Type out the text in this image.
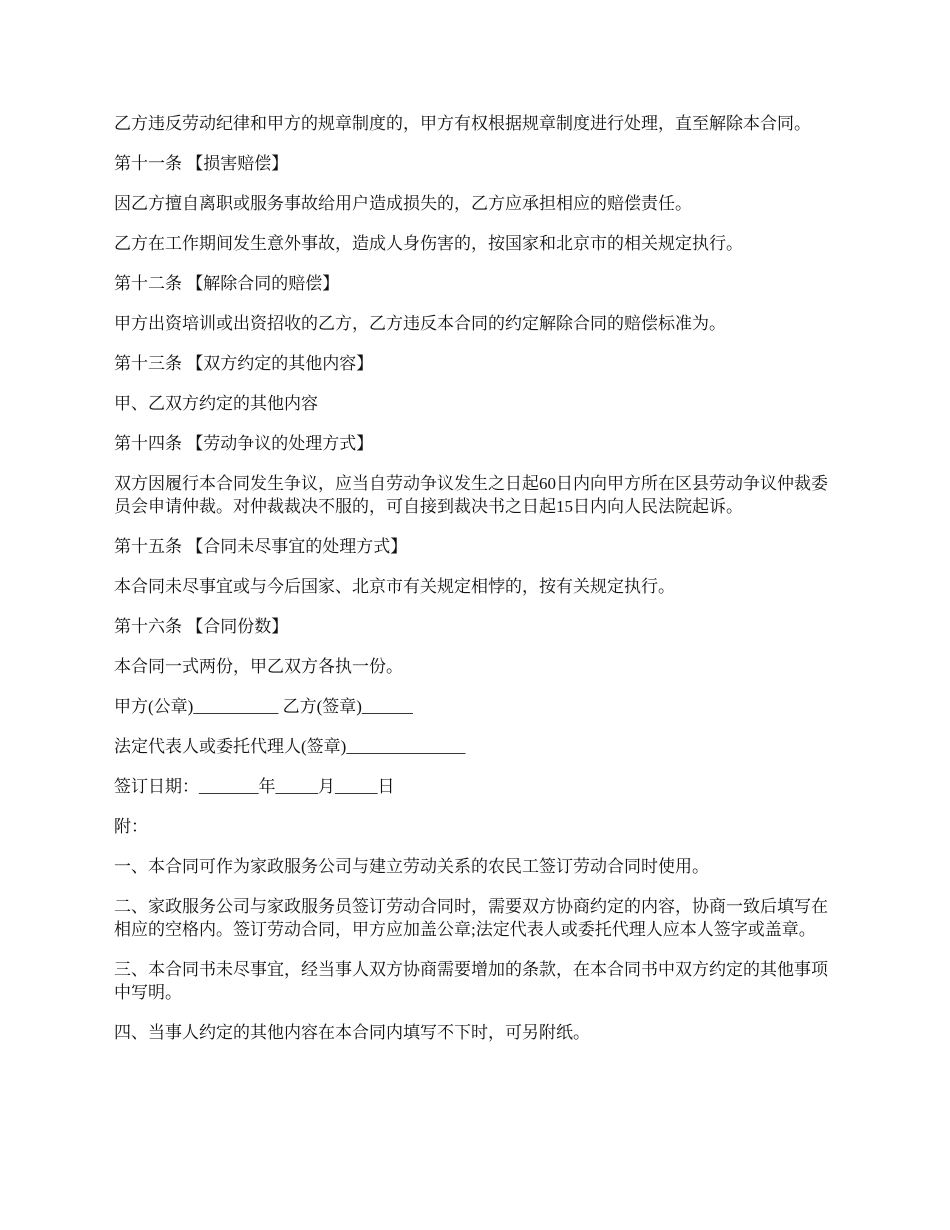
乙方违反劳动纪律和甲方的规章制度的，甲方有权根据规章制度进行处理，直至解除本合同。

第十一条 【损害赔偿】

因乙方擅自离职或服务事故给用户造成损失的，乙方应承担相应的赔偿责任。

乙方在工作期间发生意外事故，造成人身伤害的，按国家和北京市的相关规定执行。

第十二条 【解除合同的赔偿】

甲方出资培训或出资招收的乙方，乙方违反本合同的约定解除合同的赔偿标准为。

第十三条 【双方约定的其他内容】

甲、乙双方约定的其他内容

第十四条 【劳动争议的处理方式】

双方因履行本合同发生争议，应当自劳动争议发生之日起60日内向甲方所在区县劳动争议仲裁委员会申请仲裁。对仲裁裁决不服的，可自接到裁决书之日起15日内向人民法院起诉。

第十五条 【合同未尽事宜的处理方式】

本合同未尽事宜或与今后国家、北京市有关规定相悖的，按有关规定执行。

第十六条 【合同份数】

本合同一式两份，甲乙双方各执一份。

甲方(公章)__________ 乙方(签章)______

法定代表人或委托代理人(签章)______________

签订日期：_______年_____月_____日

附：

一、本合同可作为家政服务公司与建立劳动关系的农民工签订劳动合同时使用。

二、家政服务公司与家政服务员签订劳动合同时，需要双方协商约定的内容，协商一致后填写在相应的空格内。签订劳动合同，甲方应加盖公章;法定代表人或委托代理人应本人签字或盖章。

三、本合同书未尽事宜，经当事人双方协商需要增加的条款，在本合同书中双方约定的其他事项中写明。

四、当事人约定的其他内容在本合同内填写不下时，可另附纸。
